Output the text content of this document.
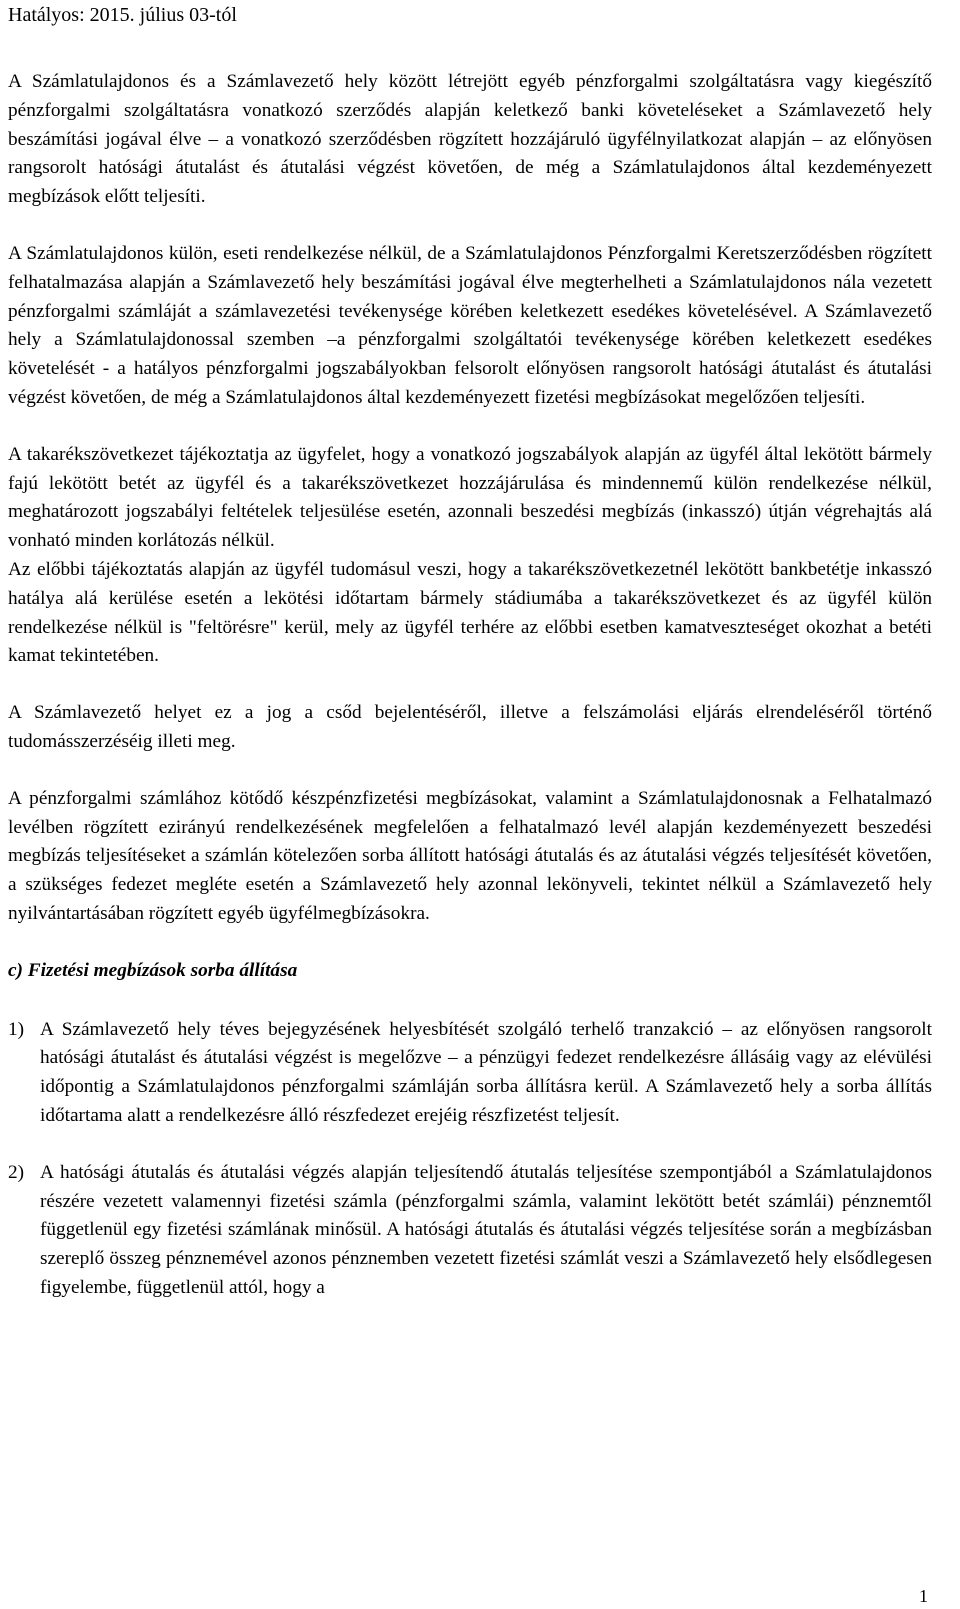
Hatályos: 2015. július 03-tól

A Számlatulajdonos és a Számlavezető hely között létrejött egyéb pénzforgalmi szolgáltatásra vagy kiegészítő pénzforgalmi szolgáltatásra vonatkozó szerződés alapján keletkező banki követeléseket a Számlavezető hely beszámítási jogával élve – a vonatkozó szerződésben rögzített hozzájáruló ügyfélnyilatkozat alapján – az előnyösen rangsorolt hatósági átutalást és átutalási végzést követően, de még a Számlatulajdonos által kezdeményezett megbízások előtt teljesíti.

A Számlatulajdonos külön, eseti rendelkezése nélkül, de a Számlatulajdonos Pénzforgalmi Keretszerződésben rögzített felhatalmazása alapján a Számlavezető hely beszámítási jogával élve megterhelheti a Számlatulajdonos nála vezetett pénzforgalmi számláját a számlavezetési tevékenysége körében keletkezett esedékes követelésével. A Számlavezető hely a Számlatulajdonossal szemben –a pénzforgalmi szolgáltatói tevékenysége körében keletkezett esedékes követelését - a hatályos pénzforgalmi jogszabályokban felsorolt előnyösen rangsorolt hatósági átutalást és átutalási végzést követően, de még a Számlatulajdonos által kezdeményezett fizetési megbízásokat megelőzően teljesíti.

A takarékszövetkezet tájékoztatja az ügyfelet, hogy a vonatkozó jogszabályok alapján az ügyfél által lekötött bármely fajú lekötött betét az ügyfél és a takarékszövetkezet hozzájárulása és mindennemű külön rendelkezése nélkül, meghatározott jogszabályi feltételek teljesülése esetén, azonnali beszedési megbízás (inkasszó) útján végrehajtás alá vonható minden korlátozás nélkül.

Az előbbi tájékoztatás alapján az ügyfél tudomásul veszi, hogy a takarékszövetkezetnél lekötött bankbetétje inkasszó hatálya alá kerülése esetén a lekötési időtartam bármely stádiumába a takarékszövetkezet és az ügyfél külön rendelkezése nélkül is "feltörésre" kerül, mely az ügyfél terhére az előbbi esetben kamatveszteséget okozhat a betéti kamat tekintetében.

A Számlavezető helyet ez a jog a csőd bejelentéséről, illetve a felszámolási eljárás elrendeléséről történő tudomásszerzéséig illeti meg.

A pénzforgalmi számlához kötődő készpénzfizetési megbízásokat, valamint a Számlatulajdonosnak a Felhatalmazó levélben rögzített ezirányú rendelkezésének megfelelően a felhatalmazó levél alapján kezdeményezett beszedési megbízás teljesítéseket a számlán kötelezően sorba állított hatósági átutalás és az átutalási végzés teljesítését követően, a szükséges fedezet megléte esetén a Számlavezető hely azonnal lekönyveli, tekintet nélkül a Számlavezető hely nyilvántartásában rögzített egyéb ügyfélmegbízásokra.

c) Fizetési megbízások sorba állítása
1) A Számlavezető hely téves bejegyzésének helyesbítését szolgáló terhelő tranzakció – az előnyösen rangsorolt hatósági átutalást és átutalási végzést is megelőzve – a pénzügyi fedezet rendelkezésre állásáig vagy az elévülési időpontig a Számlatulajdonos pénzforgalmi számláján sorba állításra kerül. A Számlavezető hely a sorba állítás időtartama alatt a rendelkezésre álló részfedezet erejéig részfizetést teljesít.

2) A hatósági átutalás és átutalási végzés alapján teljesítendő átutalás teljesítése szempontjából a Számlatulajdonos részére vezetett valamennyi fizetési számla (pénzforgalmi számla, valamint lekötött betét számlái) pénznemtől függetlenül egy fizetési számlának minősül. A hatósági átutalás és átutalási végzés teljesítése során a megbízásban szereplő összeg pénznemével azonos pénznemben vezetett fizetési számlát veszi a Számlavezető hely elsődlegesen figyelembe, függetlenül attól, hogy a

1
